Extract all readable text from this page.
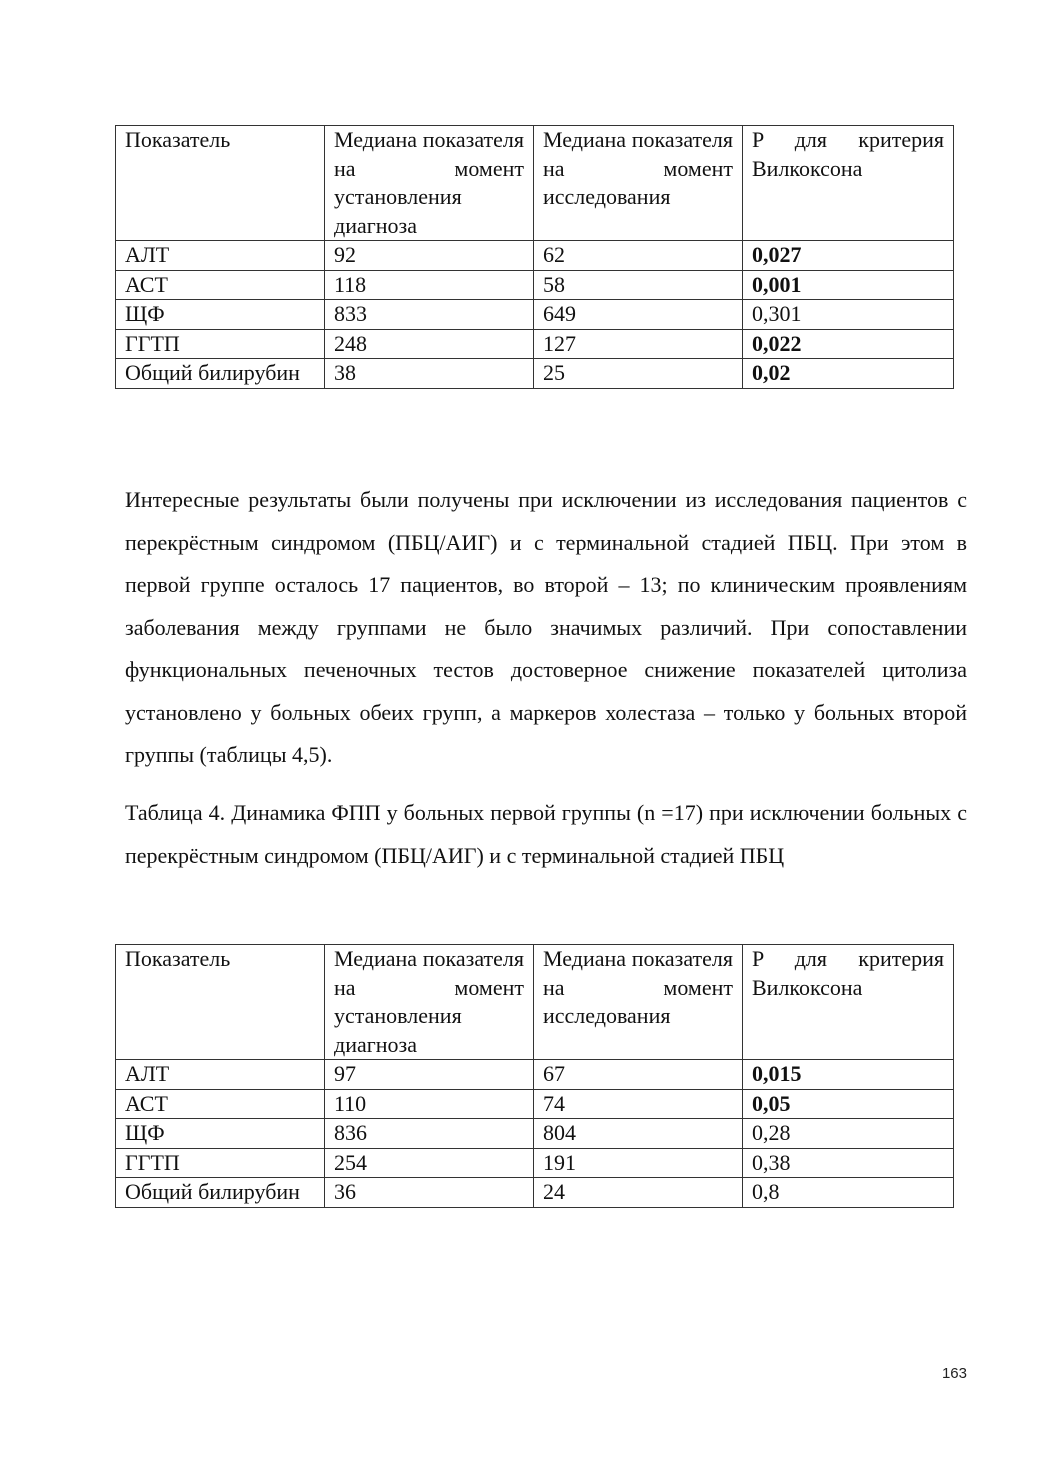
Показатель	Медиана показателя на момент установления диагноза	Медиана показателя на момент исследования	P для критерия Вилкоксона
АЛТ	92	62	0,027
АСТ	118	58	0,001
ЩФ	833	649	0,301
ГГТП	248	127	0,022
Общий билирубин	38	25	0,02

Интересные результаты были получены при исключении из исследования пациентов с перекрёстным синдромом (ПБЦ/АИГ) и с терминальной стадией ПБЦ. При этом в первой группе осталось 17 пациентов, во второй – 13; по клиническим проявлениям заболевания между группами не было значимых различий. При сопоставлении функциональных печеночных тестов достоверное снижение показателей цитолиза установлено у больных обеих групп, а маркеров холестаза – только у больных второй группы (таблицы 4,5).

Таблица 4. Динамика ФПП у больных первой группы (n =17) при исключении больных с перекрёстным синдромом (ПБЦ/АИГ) и с терминальной стадией ПБЦ

Показатель	Медиана показателя на момент установления диагноза	Медиана показателя на момент исследования	P для критерия Вилкоксона
АЛТ	97	67	0,015
АСТ	110	74	0,05
ЩФ	836	804	0,28
ГГТП	254	191	0,38
Общий билирубин	36	24	0,8
163
